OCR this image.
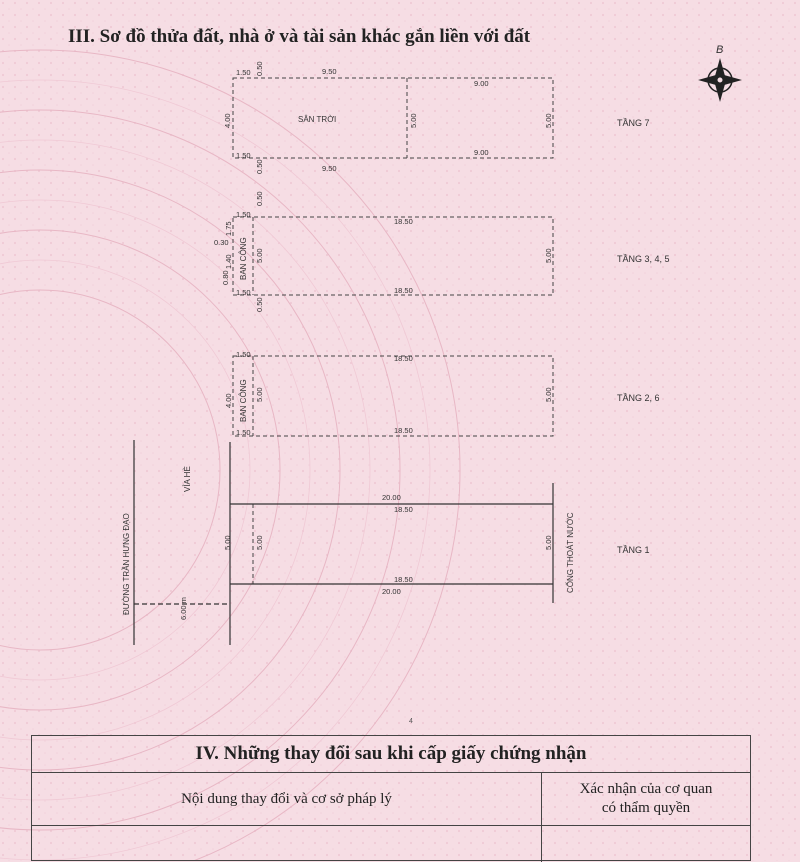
III. Sơ đồ thửa đất, nhà ở và tài sản khác gắn liền với đất
B
TẦNG 7
TẦNG 3, 4, 5
TẦNG 2, 6
TẦNG 1
SÂN TRỜI
1.50 0.50	9.50
9.00
4.00	5.00	5.00
1.50	9.00
0.50	9.50
0.50
1.50
18.50
1.75
0.30
1.40
0.80 BAN CÔNG 5.00	5.00
1.50	18.50
0.50
1.50	18.50
4.00 BAN CÔNG 5.00	5.00
1.50	18.50
20.00
18.50
5.00	5.00	5.00
18.50
20.00
6.00 m
ĐƯỜNG TRẦN HƯNG ĐẠO
VỈA HÈ
CỐNG THOÁT NƯỚC
4
IV. Những thay đổi sau khi cấp giấy chứng nhận
Nội dung thay đổi và cơ sở pháp lý
Xác nhận của cơ quan
có thẩm quyền
